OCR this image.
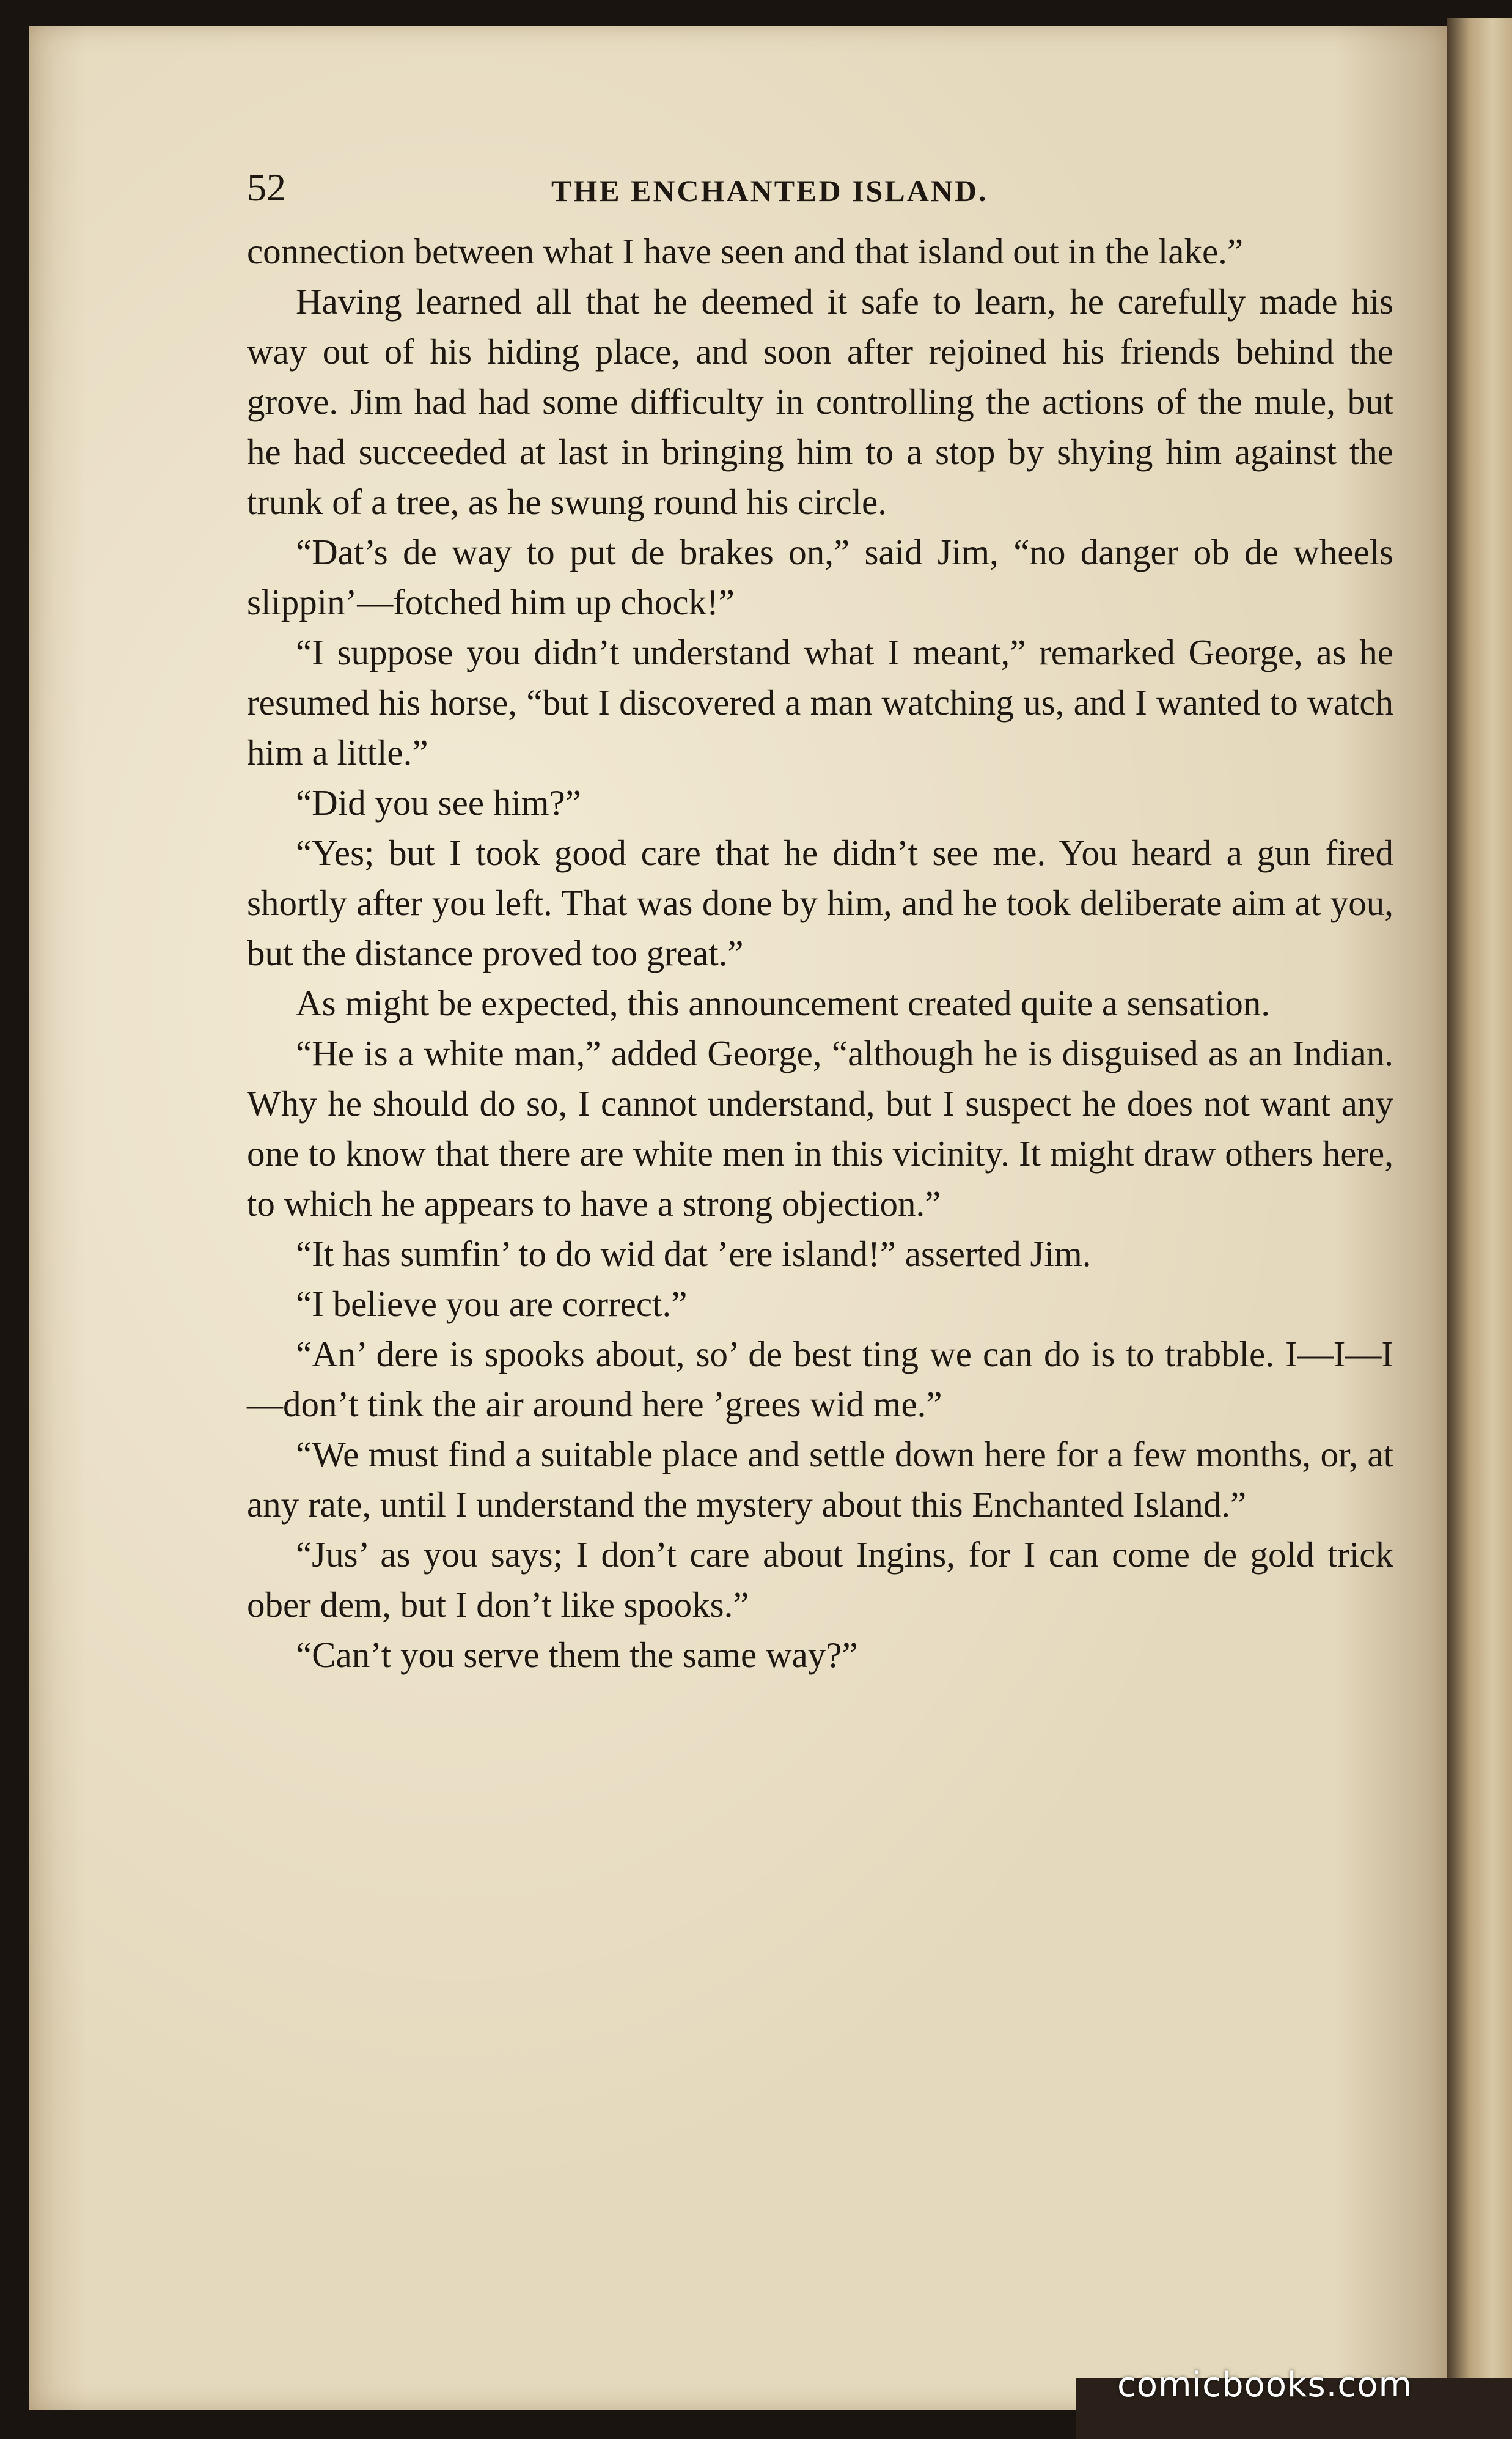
52	THE ENCHANTED ISLAND.

connection between what I have seen and that island out in the lake.”

Having learned all that he deemed it safe to learn, he carefully made his way out of his hiding place, and soon after rejoined his friends behind the grove. Jim had had some difficulty in controlling the actions of the mule, but he had succeeded at last in bringing him to a stop by shying him against the trunk of a tree, as he swung round his circle.

“Dat’s de way to put de brakes on,” said Jim, “no danger ob de wheels slippin’—fotched him up chock!”

“I suppose you didn’t understand what I meant,” remarked George, as he resumed his horse, “but I discovered a man watching us, and I wanted to watch him a little.”

“Did you see him?”

“Yes; but I took good care that he didn’t see me. You heard a gun fired shortly after you left. That was done by him, and he took deliberate aim at you, but the distance proved too great.”

As might be expected, this announcement created quite a sensation.

“He is a white man,” added George, “although he is disguised as an Indian. Why he should do so, I cannot understand, but I suspect he does not want any one to know that there are white men in this vicinity. It might draw others here, to which he appears to have a strong objection.”

“It has sumfin’ to do wid dat ’ere island!” asserted Jim.

“I believe you are correct.”

“An’ dere is spooks about, so’ de best ting we can do is to trabble. I—I—I—don’t tink the air around here ’grees wid me.”

“We must find a suitable place and settle down here for a few months, or, at any rate, until I understand the mystery about this Enchanted Island.”

“Jus’ as you says; I don’t care about Ingins, for I can come de gold trick ober dem, but I don’t like spooks.”

“Can’t you serve them the same way?”

comicbooks.com
